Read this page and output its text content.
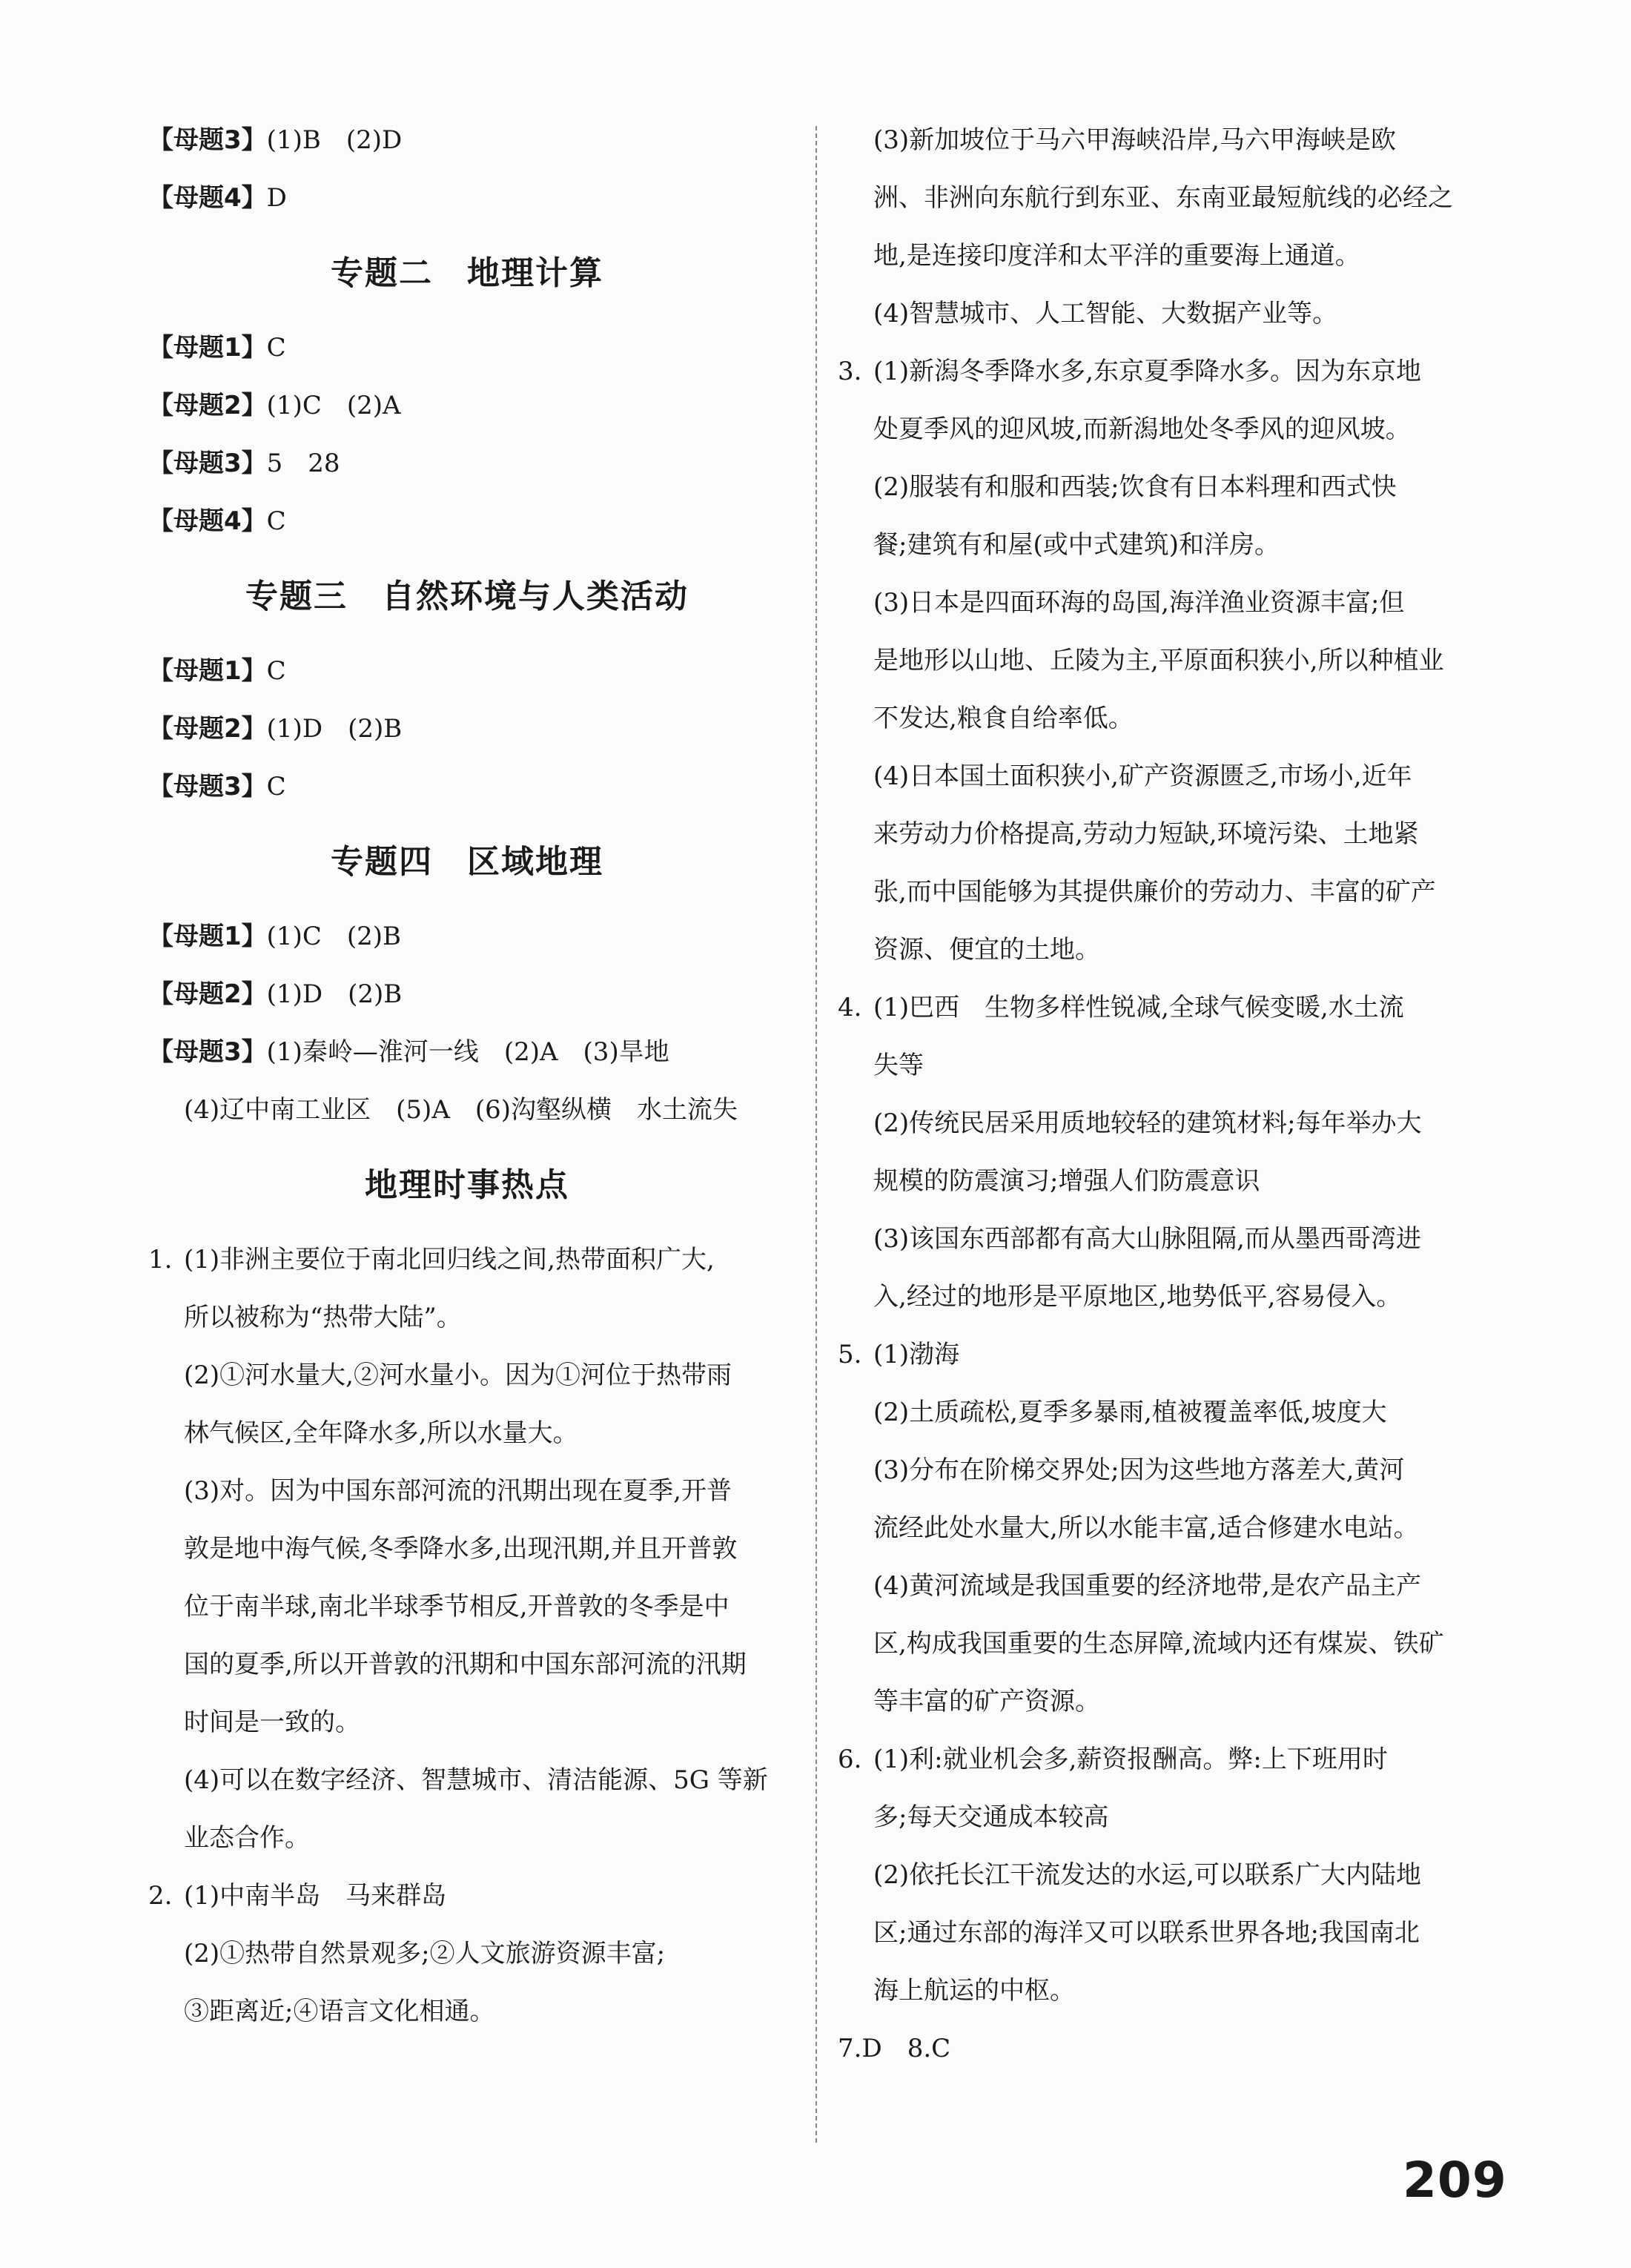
【母题3】(1)B　(2)D
【母题4】D
专题二　地理计算
【母题1】C
【母题2】(1)C　(2)A
【母题3】5　28
【母题4】C
专题三　自然环境与人类活动
【母题1】C
【母题2】(1)D　(2)B
【母题3】C
专题四　区域地理
【母题1】(1)C　(2)B
【母题2】(1)D　(2)B
【母题3】(1)秦岭—淮河一线　(2)A　(3)旱地
(4)辽中南工业区　(5)A　(6)沟壑纵横　水土流失
地理时事热点
1. (1)非洲主要位于南北回归线之间,热带面积广大,
所以被称为“热带大陆”。
(2)①河水量大,②河水量小。因为①河位于热带雨
林气候区,全年降水多,所以水量大。
(3)对。因为中国东部河流的汛期出现在夏季,开普
敦是地中海气候,冬季降水多,出现汛期,并且开普敦
位于南半球,南北半球季节相反,开普敦的冬季是中
国的夏季,所以开普敦的汛期和中国东部河流的汛期
时间是一致的。
(4)可以在数字经济、智慧城市、清洁能源、5G 等新
业态合作。
2. (1)中南半岛　马来群岛
(2)①热带自然景观多;②人文旅游资源丰富;
③距离近;④语言文化相通。
(3)新加坡位于马六甲海峡沿岸,马六甲海峡是欧
洲、非洲向东航行到东亚、东南亚最短航线的必经之
地,是连接印度洋和太平洋的重要海上通道。
(4)智慧城市、人工智能、大数据产业等。
3. (1)新潟冬季降水多,东京夏季降水多。因为东京地
处夏季风的迎风坡,而新潟地处冬季风的迎风坡。
(2)服装有和服和西装;饮食有日本料理和西式快
餐;建筑有和屋(或中式建筑)和洋房。
(3)日本是四面环海的岛国,海洋渔业资源丰富;但
是地形以山地、丘陵为主,平原面积狭小,所以种植业
不发达,粮食自给率低。
(4)日本国土面积狭小,矿产资源匮乏,市场小,近年
来劳动力价格提高,劳动力短缺,环境污染、土地紧
张,而中国能够为其提供廉价的劳动力、丰富的矿产
资源、便宜的土地。
4. (1)巴西　生物多样性锐减,全球气候变暖,水土流
失等
(2)传统民居采用质地较轻的建筑材料;每年举办大
规模的防震演习;增强人们防震意识
(3)该国东西部都有高大山脉阻隔,而从墨西哥湾进
入,经过的地形是平原地区,地势低平,容易侵入。
5. (1)渤海
(2)土质疏松,夏季多暴雨,植被覆盖率低,坡度大
(3)分布在阶梯交界处;因为这些地方落差大,黄河
流经此处水量大,所以水能丰富,适合修建水电站。
(4)黄河流域是我国重要的经济地带,是农产品主产
区,构成我国重要的生态屏障,流域内还有煤炭、铁矿
等丰富的矿产资源。
6. (1)利:就业机会多,薪资报酬高。弊:上下班用时
多;每天交通成本较高
(2)依托长江干流发达的水运,可以联系广大内陆地
区;通过东部的海洋又可以联系世界各地;我国南北
海上航运的中枢。
7.D　8.C
209
